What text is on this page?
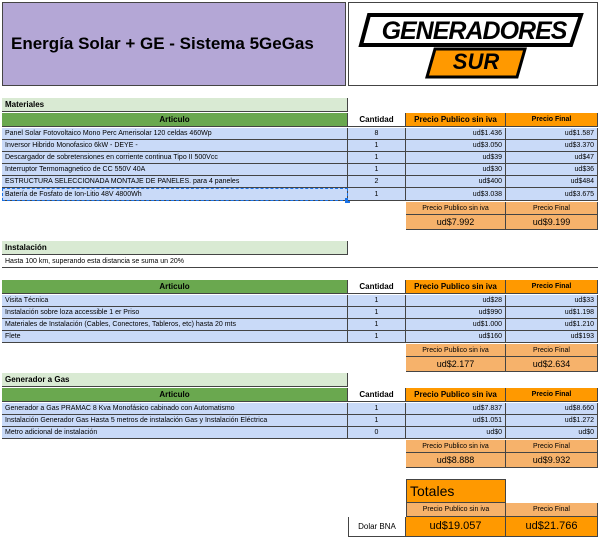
Energía Solar + GE - Sistema 5GeGas	GENERADORES
SUR
Materiales
Articulo	Cantidad	Precio Publico sin iva	Precio Final
Panel Solar Fotovoltaico Mono Perc Amerisolar 120 celdas 460Wp	8	ud$1.436	ud$1.587
Inversor Hibrido Monofasico 6kW - DEYE -	1	ud$3.050	ud$3.370
Descargador de sobretensiones en corriente continua Tipo II 500Vcc	1	ud$39	ud$47
Interruptor Termomagnetico de CC 550V 40A	1	ud$30	ud$36
ESTRUCTURA SELECCIONADA MONTAJE DE PANELES. para 4 paneles	2	ud$400	ud$484
Batería de Fosfato de Ion-Litio 48V 4800Wh	1	ud$3.038	ud$3.675
Precio Publico sin iva	Precio Final
ud$7.992	ud$9.199
Instalación
Hasta 100 km, superando esta distancia se suma un 20%
Articulo	Cantidad	Precio Publico sin iva	Precio Final
Visita Técnica	1	ud$28	ud$33
Instalación sobre loza accessible 1 er Priso	1	ud$990	ud$1.198
Materiales de Instalación (Cables, Conectores, Tableros, etc) hasta 20 mts	1	ud$1.000	ud$1.210
Flete	1	ud$160	ud$193
Precio Publico sin iva	Precio Final
ud$2.177	ud$2.634
Generador a Gas
Articulo	Cantidad	Precio Publico sin iva	Precio Final
Generador a Gas PRAMAC 8 Kva Monofásico cabinado con Automatismo	1	ud$7.837	ud$8.660
Instalación Generador Gas Hasta 5 metros de instalación Gas y Instalación Eléctrica	1	ud$1.051	ud$1.272
Metro adicional de instalación	0	ud$0	ud$0
Precio Publico sin iva	Precio Final
ud$8.888	ud$9.932
Totales
Precio Publico sin iva	Precio Final
Dolar BNA	ud$19.057	ud$21.766
